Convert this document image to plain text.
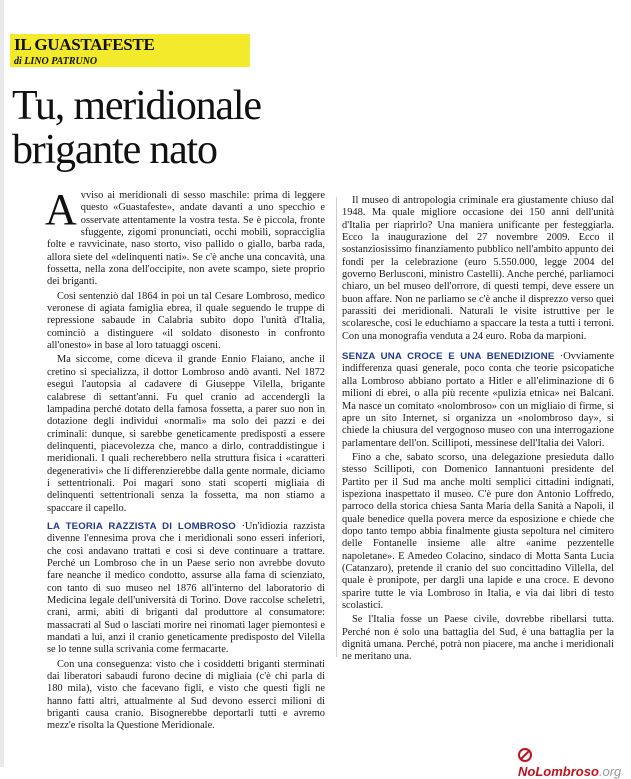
IL GUASTAFESTE
di LINO PATRUNO
Tu, meridionale
brigante nato

Avviso ai meridionali di sesso maschile: prima di leggere questo «Guastafeste», andate davanti a uno specchio e osservate attentamente la vostra testa. Se è piccola, fronte sfuggente, zigomi pronunciati, occhi mobili, sopracciglia folte e ravvicinate, naso storto, viso pallido o giallo, barba rada, allora siete del «delinquenti nati». Se c'è anche una concavità, una fossetta, nella zona dell'occipite, non avete scampo, siete proprio dei briganti.

Così sentenziò dal 1864 in poi un tal Cesare Lombroso, medico veronese di agiata famiglia ebrea, il quale seguendo le truppe di repressione sabaude in Calabria subito dopo l'unità d'Italia, cominciò a distinguere «il soldato disonesto in confronto all'onesto» in base al loro tatuaggi osceni.

Ma siccome, come diceva il grande Ennio Flaiano, anche il cretino si specializza, il dottor Lombroso andò avanti. Nel 1872 eseguì l'autopsia al cadavere di Giuseppe Vilella, brigante calabrese di settant'anni. Fu quel cranio ad accendergli la lampadina perché dotato della famosa fossetta, a parer suo non in dotazione degli individui «normali» ma solo dei pazzi e dei criminali: dunque, si sarebbe geneticamente predisposti a essere delinquenti, piacevolezza che, manco a dirlo, contraddistingue i meridionali. I quali recherebbero nella struttura fisica i «caratteri degenerativi» che li differenzierebbe dalla gente normale, diciamo i settentrionali. Poi magari sono stati scoperti migliaia di delinquenti settentrionali senza la fossetta, ma non stiamo a spaccare il capello.

LA TEORIA RAZZISTA DI LOMBROSO ·Un'idiozia razzista divenne l'ennesima prova che i meridionali sono esseri inferiori, che così andavano trattati e così si deve continuare a trattare. Perché un Lombroso che in un Paese serio non avrebbe dovuto fare neanche il medico condotto, assurse alla fama di scienziato, con tanto di suo museo nel 1876 all'interno del laboratorio di Medicina legale dell'università di Torino. Dove raccolse scheletri, crani, armi, abiti di briganti dal produttore al consumatore: massacrati al Sud o lasciati morire nei rinomati lager piemontesi e mandati a lui, anzi il cranio geneticamente predisposto del Vilella se lo tenne sulla scrivania come fermacarte.

Con una conseguenza: visto che i cosiddetti briganti sterminati dai liberatori sabaudi furono decine di migliaia (c'è chi parla di 180 mila), visto che facevano figli, e visto che questi figli ne hanno fatti altri, attualmente al Sud devono esserci milioni di briganti causa cranio. Bisognerebbe deportarli tutti e avremo mezz'e risolta la Questione Meridionale.

Il museo di antropologia criminale era giustamente chiuso dal 1948. Ma quale migliore occasione dei 150 anni dell'unità d'Italia per riaprirlo? Una maniera unificante per festeggiarla. Ecco la inaugurazione del 27 novembre 2009. Ecco il sostanziosissimo finanziamento pubblico nell'ambito appunto dei fondi per la celebrazione (euro 5.550.000, legge 2004 del governo Berlusconi, ministro Castelli). Anche perché, parliamoci chiaro, un bel museo dell'orrore, di questi tempi, deve essere un buon affare. Non ne parliamo se c'è anche il disprezzo verso quei parassiti dei meridionali. Naturali le visite istruttive per le scolaresche, così le educhiamo a spaccare la testa a tutti i terroni. Con una monografia venduta a 24 euro. Roba da marpioni.

SENZA UNA CROCE E UNA BENEDIZIONE ·Ovviamente indifferenza quasi generale, poco conta che teorie psicopatiche alla Lombroso abbiano portato a Hitler e all'eliminazione di 6 milioni di ebrei, o alla più recente «pulizia etnica» nei Balcani. Ma nasce un comitato «nolombroso» con un migliaio di firme, si apre un sito Internet, si organizza un «nolombroso day», si chiede la chiusura del vergognoso museo con una interrogazione parlamentare dell'on. Scillipoti, messinese dell'Italia dei Valori.

Fino a che, sabato scorso, una delegazione presieduta dallo stesso Scillipoti, con Domenico Iannantuoni presidente del Partito per il Sud ma anche molti semplici cittadini indignati, ispeziona inaspettato il museo. C'è pure don Antonio Loffredo, parroco della storica chiesa Santa Maria della Sanità a Napoli, il quale benedice quella povera merce da esposizione e chiede che dopo tanto tempo abbia finalmente giusta sepoltura nel cimitero delle Fontanelle insieme alle altre «anime pezzentelle napoletane». E Amedeo Colacino, sindaco di Motta Santa Lucia (Catanzaro), pretende il cranio del suo concittadino Villella, del quale è pronipote, per dargli una lapide e una croce. E devono sparire tutte le via Lombroso in Italia, e via dai libri di testo scolastici.

Se l'Italia fosse un Paese civile, dovrebbe ribellarsi tutta. Perché non è solo una battaglia del Sud, è una battaglia per la dignità umana. Perché, potrà non piacere, ma anche i meridionali ne meritano una.

NoLombroso.org
